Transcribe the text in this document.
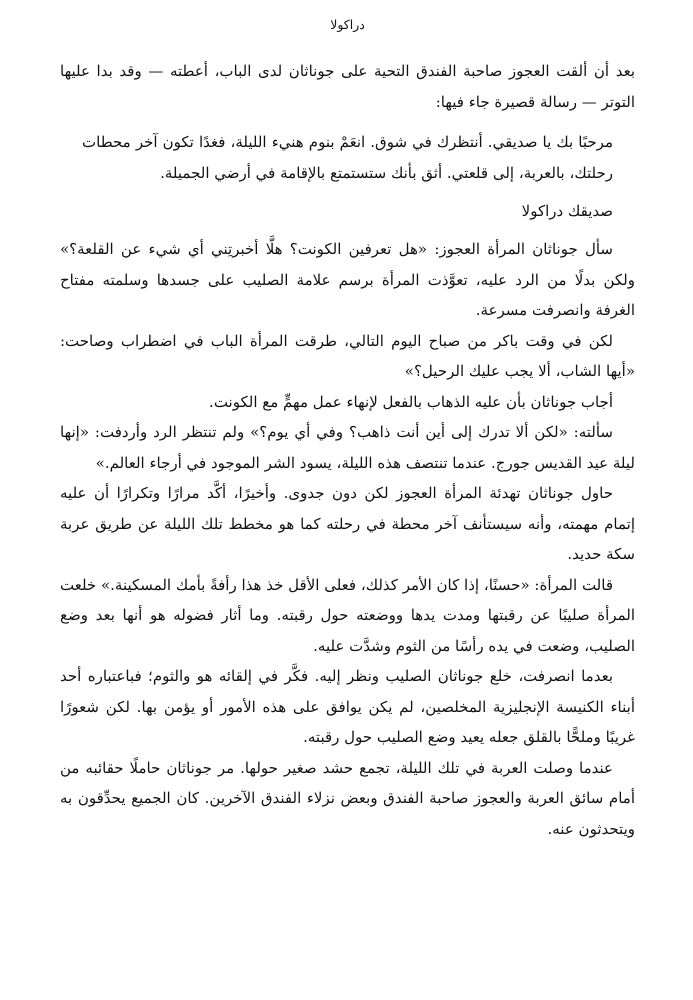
دراكولا

بعد أن ألقت العجوز صاحبة الفندق التحية على جوناثان لدى الباب، أعطته — وقد بدا عليها التوتر — رسالة قصيرة جاء فيها:

مرحبًا بك يا صديقي. أنتظرك في شوق. انعَمْ بنوم هنيء الليلة، فغدًا تكون آخر محطات رحلتك، بالعربة، إلى قلعتي. أثق بأنك ستستمتع بالإقامة في أرضي الجميلة.

صديقك دراكولا

سأل جوناثان المرأة العجوز: «هل تعرفين الكونت؟ هلَّا أخبرتِني أي شيء عن القلعة؟» ولكن بدلًا من الرد عليه، تعوَّذت المرأة برسم علامة الصليب على جسدها وسلمته مفتاح الغرفة وانصرفت مسرعة.

لكن في وقت باكر من صباح اليوم التالي، طرقت المرأة الباب في اضطراب وصاحت: «أيها الشاب، ألا يجب عليك الرحيل؟»

أجاب جوناثان بأن عليه الذهاب بالفعل لإنهاء عمل مهمٍّ مع الكونت.

سألته: «لكن ألا تدرك إلى أين أنت ذاهب؟ وفي أي يوم؟» ولم تنتظر الرد وأردفت: «إنها ليلة عيد القديس جورج. عندما تنتصف هذه الليلة، يسود الشر الموجود في أرجاء العالم.»

حاول جوناثان تهدئة المرأة العجوز لكن دون جدوى. وأخيرًا، أكَّد مرارًا وتكرارًا أن عليه إتمام مهمته، وأنه سيستأنف آخر محطة في رحلته كما هو مخطط تلك الليلة عن طريق عربة سكة حديد.

قالت المرأة: «حسنًا، إذا كان الأمر كذلك، فعلى الأقل خذ هذا رأفةً بأمك المسكينة.» خلعت المرأة صليبًا عن رقبتها ومدت يدها ووضعته حول رقبته. وما أثار فضوله هو أنها بعد وضع الصليب، وضعت في يده رأسًا من الثوم وشدَّت عليه.

بعدما انصرفت، خلع جوناثان الصليب ونظر إليه. فكَّر في إلقائه هو والثوم؛ فباعتباره أحد أبناء الكنيسة الإنجليزية المخلصين، لم يكن يوافق على هذه الأمور أو يؤمن بها. لكن شعورًا غريبًا وملحًّا بالقلق جعله يعيد وضع الصليب حول رقبته.

عندما وصلت العربة في تلك الليلة، تجمع حشد صغير حولها. مر جوناثان حاملًا حقائبه من أمام سائق العربة والعجوز صاحبة الفندق وبعض نزلاء الفندق الآخرين. كان الجميع يحدِّقون به ويتحدثون عنه.
